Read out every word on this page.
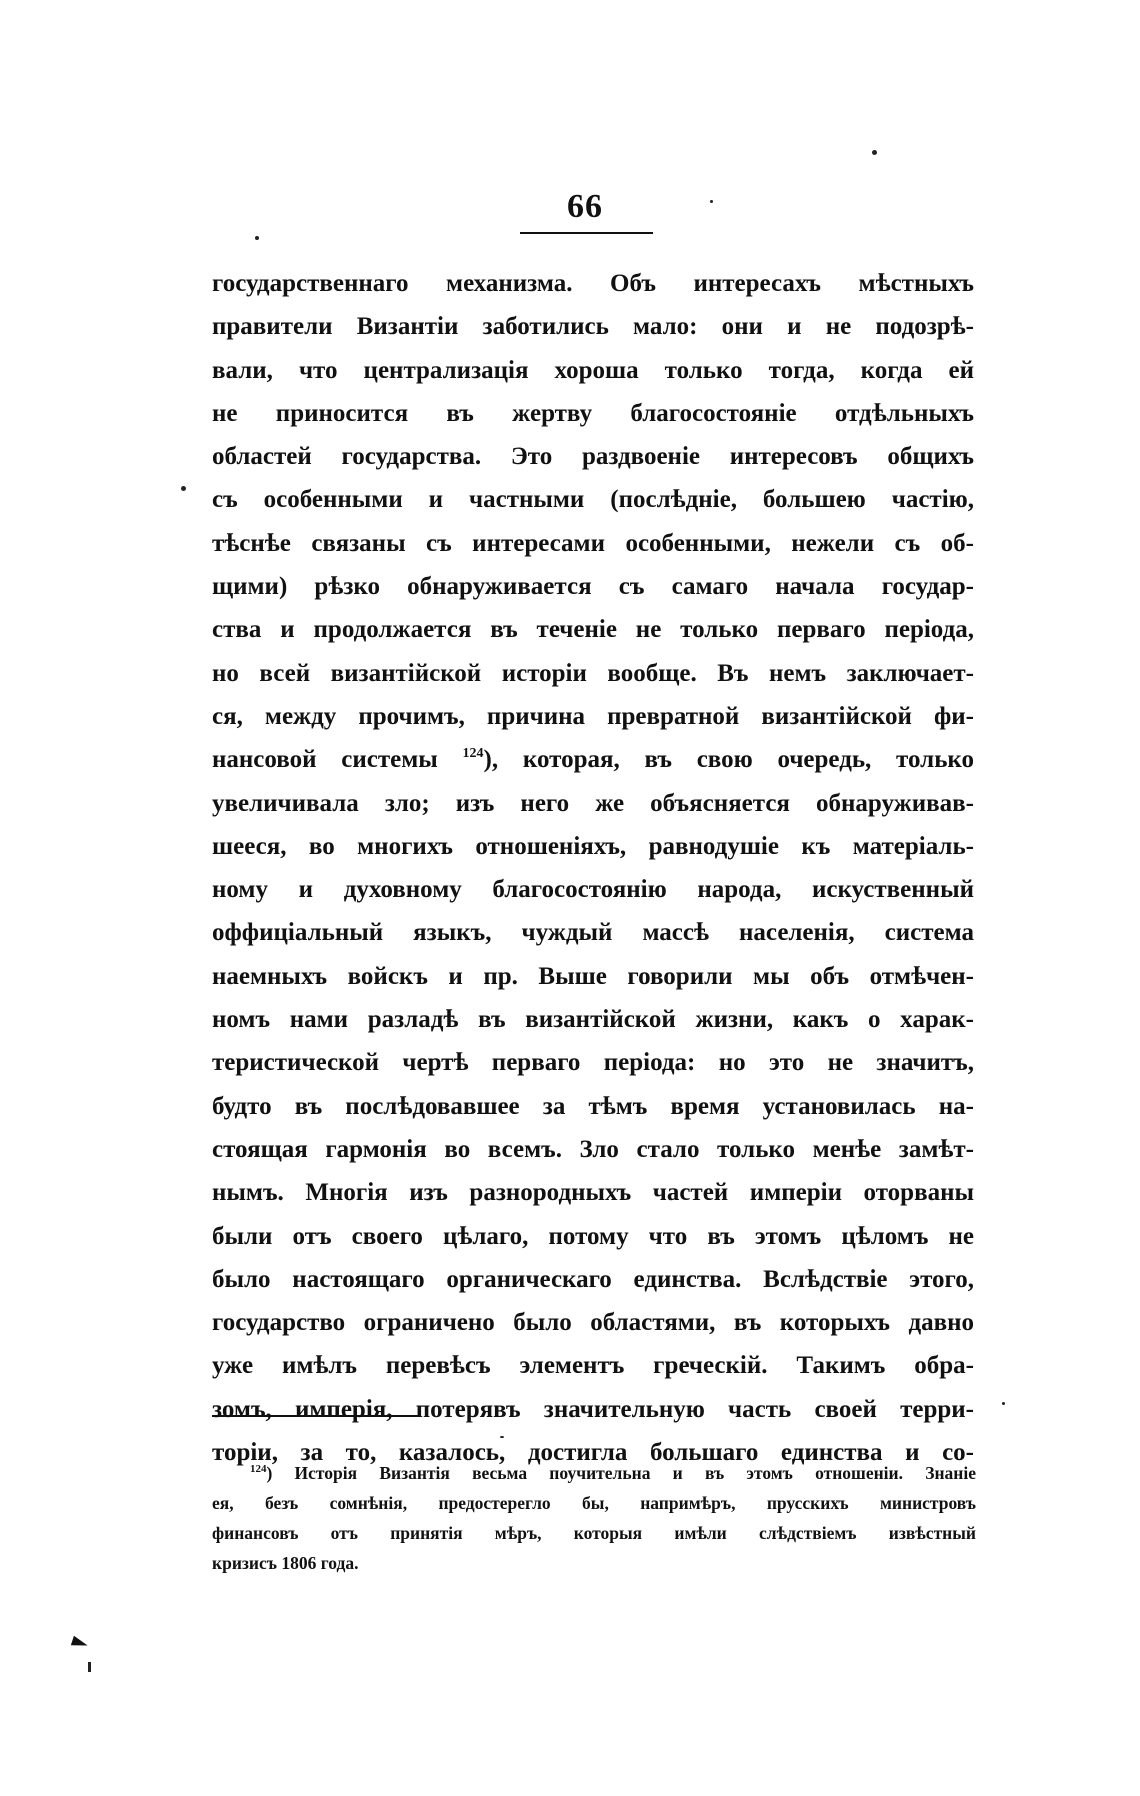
66
государственнаго механизма. Объ интересахъ мѣстныхъ
правители Византіи заботились мало: они и не подозрѣ-
вали, что централизація хороша только тогда, когда ей
не приносится въ жертву благосостояніе отдѣльныхъ
областей государства. Это раздвоеніе интересовъ общихъ
съ особенными и частными (послѣдніе, большею частію,
тѣснѣе связаны съ интересами особенными, нежели съ об-
щими) рѣзко обнаруживается съ самаго начала государ-
ства и продолжается въ теченіе не только перваго періода,
но всей византійской исторіи вообще. Въ немъ заключает-
ся, между прочимъ, причина превратной византійской фи-
нансовой системы $^{124}$), которая, въ свою очередь, только
увеличивала зло; изъ него же объясняется обнаруживав-
шееся, во многихъ отношеніяхъ, равнодушіе къ матеріаль-
ному и духовному благосостоянію народа, искуственный
оффиціальный языкъ, чуждый массѣ населенія, система
наемныхъ войскъ и пр. Выше говорили мы объ отмѣчен-
номъ нами разладѣ въ византійской жизни, какъ о харак-
теристической чертѣ перваго періода: но это не значитъ,
будто въ послѣдовавшее за тѣмъ время установилась на-
стоящая гармонія во всемъ. Зло стало только менѣе замѣт-
нымъ. Многія изъ разнородныхъ частей имперіи оторваны
были отъ своего цѣлаго, потому что въ этомъ цѣломъ не
было настоящаго органическаго единства. Вслѣдствіе этого,
государство ограничено было областями, въ которыхъ давно
уже имѣлъ перевѣсъ элементъ греческій. Такимъ обра-
зомъ, имперія, потерявъ значительную часть своей терри-
торіи, за то, казалось, достигла большаго единства и со-
$^{124}$) Исторія Византія весьма поучительна и въ этомъ отношеніи. Знаніе
ея, безъ сомнѣнія, предостерегло бы, напримѣръ, прусскихъ министровъ
финансовъ отъ принятія мѣръ, которыя имѣли слѣдствіемъ извѣстный
кризисъ 1806 года.
